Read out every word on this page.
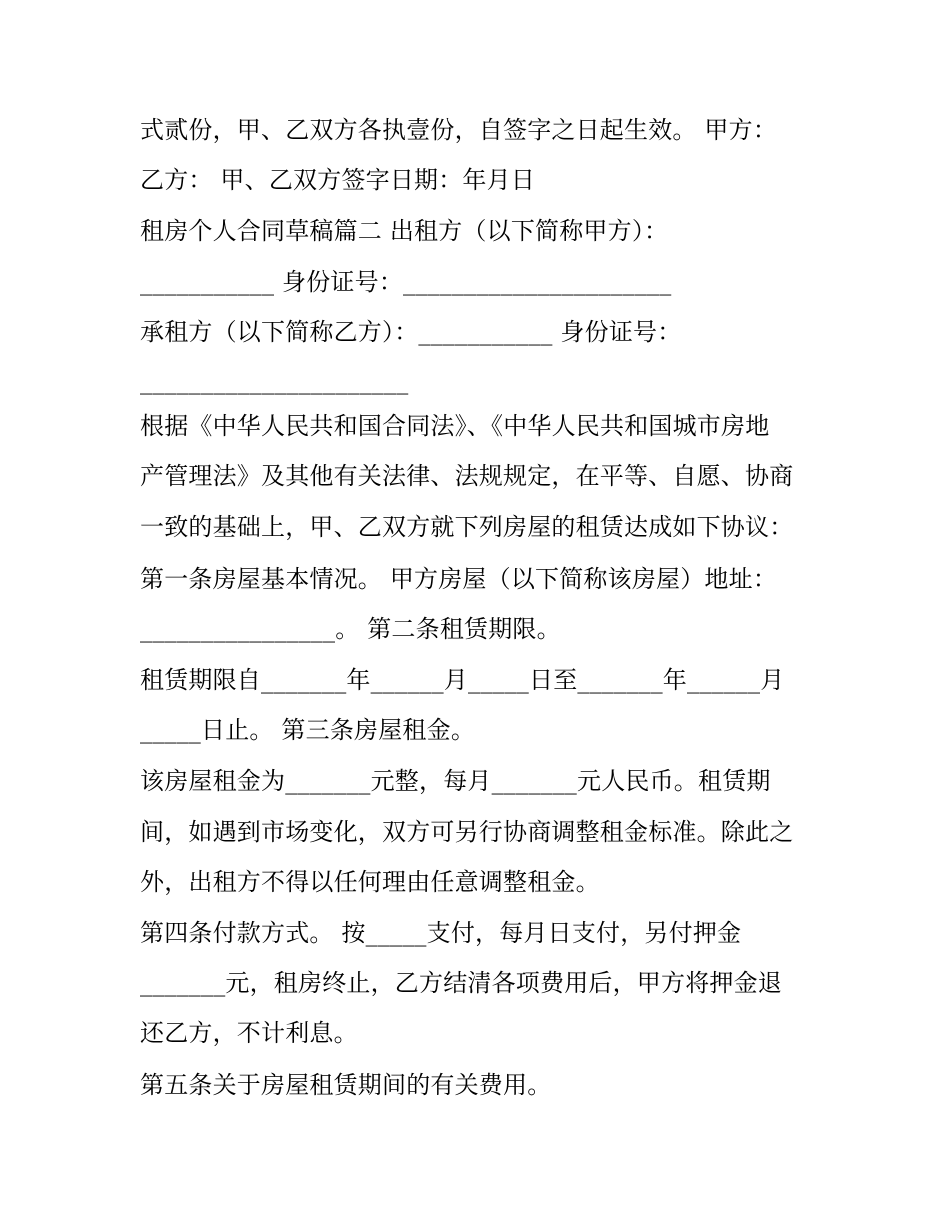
式贰份，甲、乙双方各执壹份，自签字之日起生效。 甲方：
乙方： 甲、乙双方签字日期：年月日
租房个人合同草稿篇二 出租方（以下简称甲方）：
___________ 身份证号：______________________
承租方（以下简称乙方）：___________ 身份证号：
______________________
根据《中华人民共和国合同法》、《中华人民共和国城市房地
产管理法》及其他有关法律、法规规定，在平等、自愿、协商
一致的基础上，甲、乙双方就下列房屋的租赁达成如下协议：
第一条房屋基本情况。 甲方房屋（以下简称该房屋）地址：
________________。 第二条租赁期限。
租赁期限自_______年______月_____日至_______年______月
_____日止。 第三条房屋租金。
该房屋租金为_______元整，每月_______元人民币。租赁期
间，如遇到市场变化，双方可另行协商调整租金标准。除此之
外，出租方不得以任何理由任意调整租金。
第四条付款方式。 按_____支付，每月日支付，另付押金
_______元，租房终止，乙方结清各项费用后，甲方将押金退
还乙方，不计利息。
第五条关于房屋租赁期间的有关费用。
